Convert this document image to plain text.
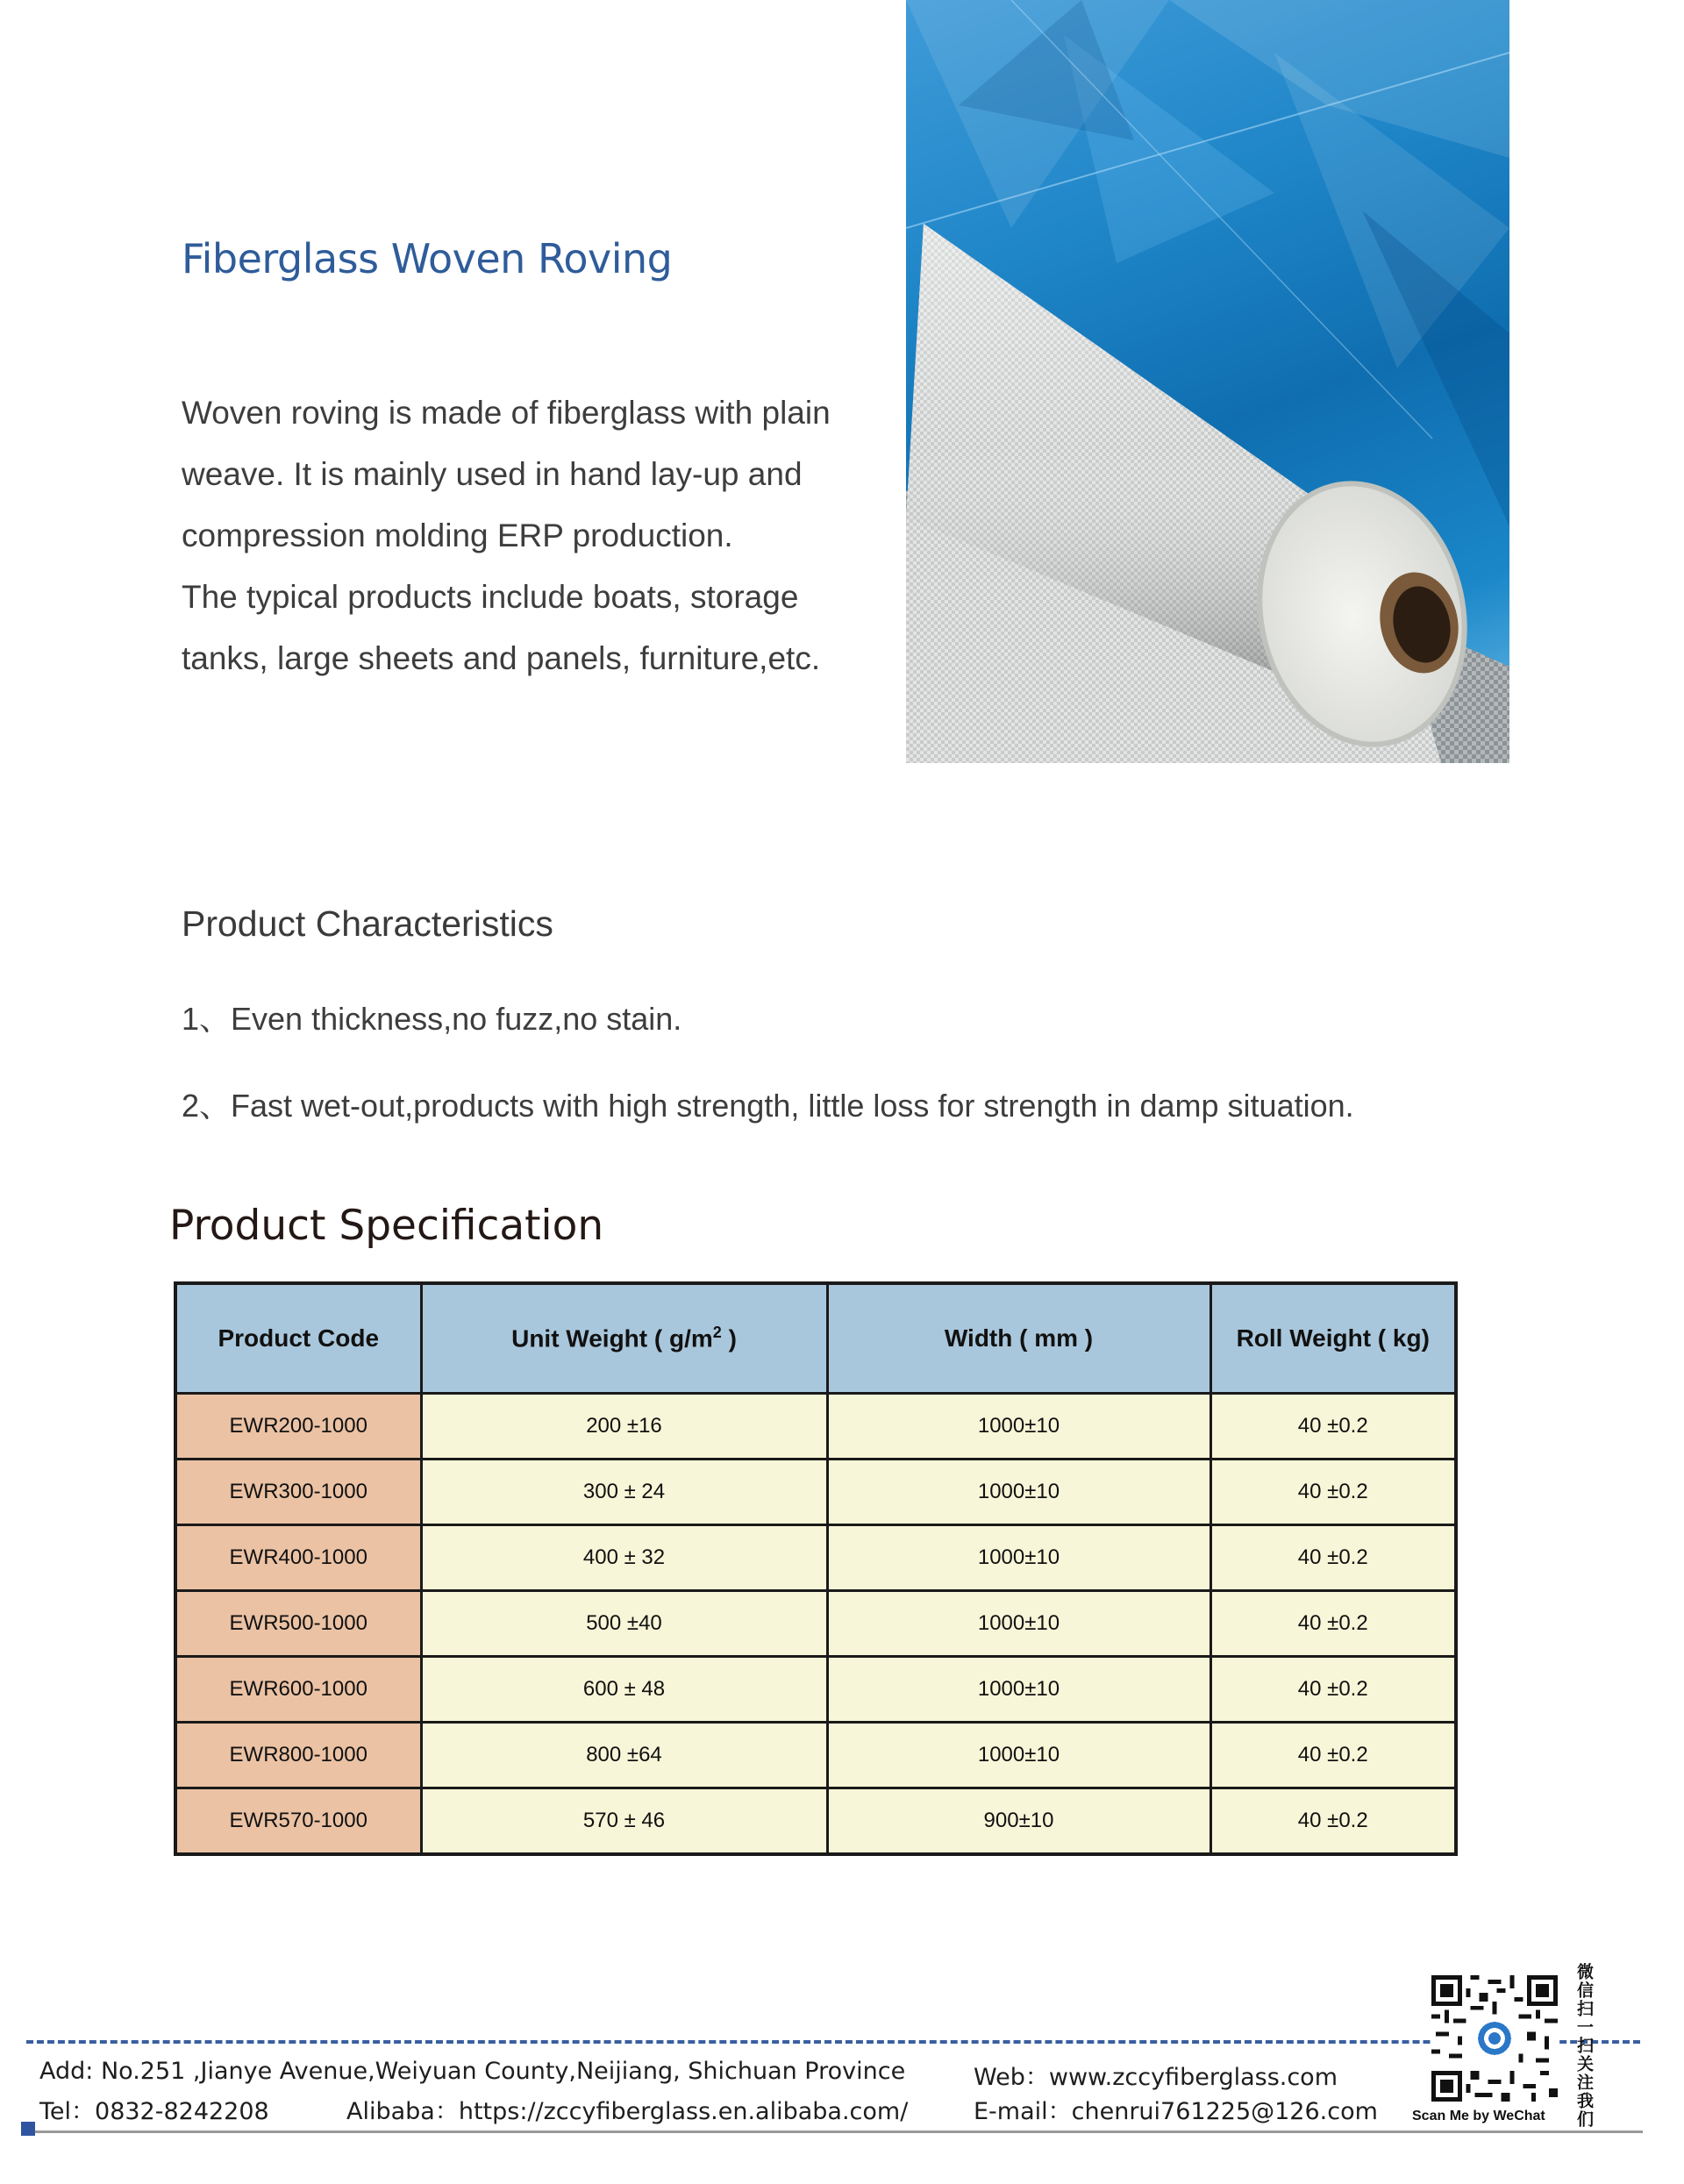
Fiberglass Woven Roving

Woven roving is made of fiberglass with plain

weave. It is mainly used in hand lay-up and

compression molding ERP production.

The typical products include boats, storage

tanks, large sheets and panels, furniture,etc.

Product Characteristics
1、Even thickness,no fuzz,no stain.
2、Fast wet-out,products with high strength, little loss for strength in damp situation.
Product Specification
Product Code	Unit Weight ( $g/m^2$ )	Width ( mm )	Roll Weight ( kg)
EWR200-1000	200 ±16	1000±10	40 ±0.2
EWR300-1000	300 ± 24	1000±10	40 ±0.2
EWR400-1000	400 ± 32	1000±10	40 ±0.2
EWR500-1000	500 ±40	1000±10	40 ±0.2
EWR600-1000	600 ± 48	1000±10	40 ±0.2
EWR800-1000	800 ±64	1000±10	40 ±0.2
EWR570-1000	570 ± 46	900±10	40 ±0.2
Add: No.251 ,Jianye Avenue,Weiyuan County,Neijiang, Shichuan Province
Tel：0832-8242208	Alibaba：https://zccyfiberglass.en.alibaba.com/
Web：www.zccyfiberglass.com
E-mail：chenrui761225@126.com Scan Me by WeChat 微信扫一扫关注我们
